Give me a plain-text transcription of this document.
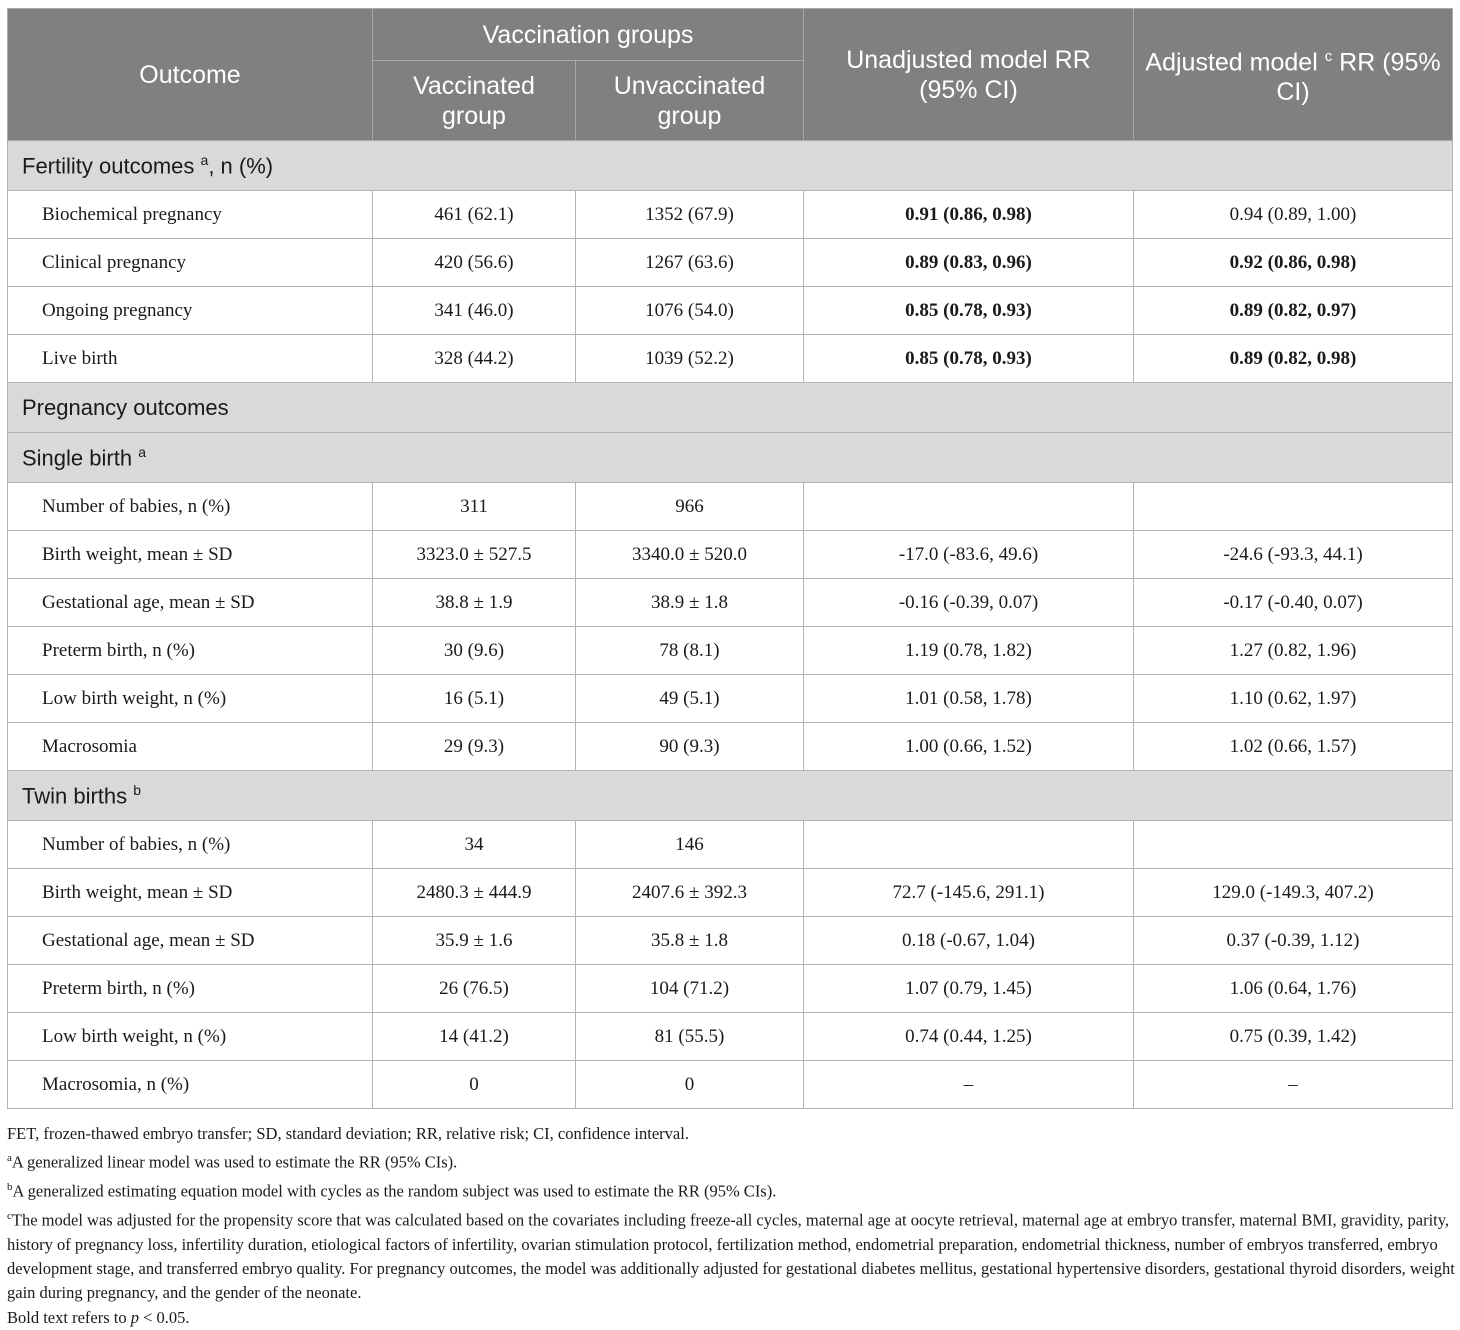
Outcome	Vaccination groups		Unadjusted model RR (95% CI)	Adjusted model $^c$ RR (95% CI)

	Vaccinated group	Unvaccinated group		

Fertility outcomes $^a$, n (%)				
Biochemical pregnancy	461 (62.1)	1352 (67.9)	0.91 (0.86, 0.98)	0.94 (0.89, 1.00)
Clinical pregnancy	420 (56.6)	1267 (63.6)	0.89 (0.83, 0.96)	0.92 (0.86, 0.98)
Ongoing pregnancy	341 (46.0)	1076 (54.0)	0.85 (0.78, 0.93)	0.89 (0.82, 0.97)
Live birth	328 (44.2)	1039 (52.2)	0.85 (0.78, 0.93)	0.89 (0.82, 0.98)
Pregnancy outcomes				
Single birth $^a$
Number of babies, n (%)	311	966		
Birth weight, mean ± SD	3323.0 ± 527.5	3340.0 ± 520.0	-17.0 (-83.6, 49.6)	-24.6 (-93.3, 44.1)
Gestational age, mean ± SD	38.8 ± 1.9	38.9 ± 1.8	-0.16 (-0.39, 0.07)	-0.17 (-0.40, 0.07)
Preterm birth, n (%)	30 (9.6)	78 (8.1)	1.19 (0.78, 1.82)	1.27 (0.82, 1.96)
Low birth weight, n (%)	16 (5.1)	49 (5.1)	1.01 (0.58, 1.78)	1.10 (0.62, 1.97)
Macrosomia	29 (9.3)	90 (9.3)	1.00 (0.66, 1.52)	1.02 (0.66, 1.57)
Twin births $^b$
Number of babies, n (%)	34	146		
Birth weight, mean ± SD	2480.3 ± 444.9	2407.6 ± 392.3	72.7 (-145.6, 291.1)	129.0 (-149.3, 407.2)
Gestational age, mean ± SD	35.9 ± 1.6	35.8 ± 1.8	0.18 (-0.67, 1.04)	0.37 (-0.39, 1.12)
Preterm birth, n (%)	26 (76.5)	104 (71.2)	1.07 (0.79, 1.45)	1.06 (0.64, 1.76)
Low birth weight, n (%)	14 (41.2)	81 (55.5)	0.74 (0.44, 1.25)	0.75 (0.39, 1.42)
Macrosomia, n (%)	0	0	–	–

FET, frozen-thawed embryo transfer; SD, standard deviation; RR, relative risk; CI, confidence interval.

$^a$A generalized linear model was used to estimate the RR (95% CIs).

$^b$A generalized estimating equation model with cycles as the random subject was used to estimate the RR (95% CIs).

$^c$The model was adjusted for the propensity score that was calculated based on the covariates including freeze-all cycles, maternal age at oocyte retrieval, maternal age at embryo transfer, maternal BMI, gravidity, parity, history of pregnancy loss, infertility duration, etiological factors of infertility, ovarian stimulation protocol, fertilization method, endometrial preparation, endometrial thickness, number of embryos transferred, embryo development stage, and transferred embryo quality. For pregnancy outcomes, the model was additionally adjusted for gestational diabetes mellitus, gestational hypertensive disorders, gestational thyroid disorders, weight gain during pregnancy, and the gender of the neonate.

Bold text refers to p < 0.05.
